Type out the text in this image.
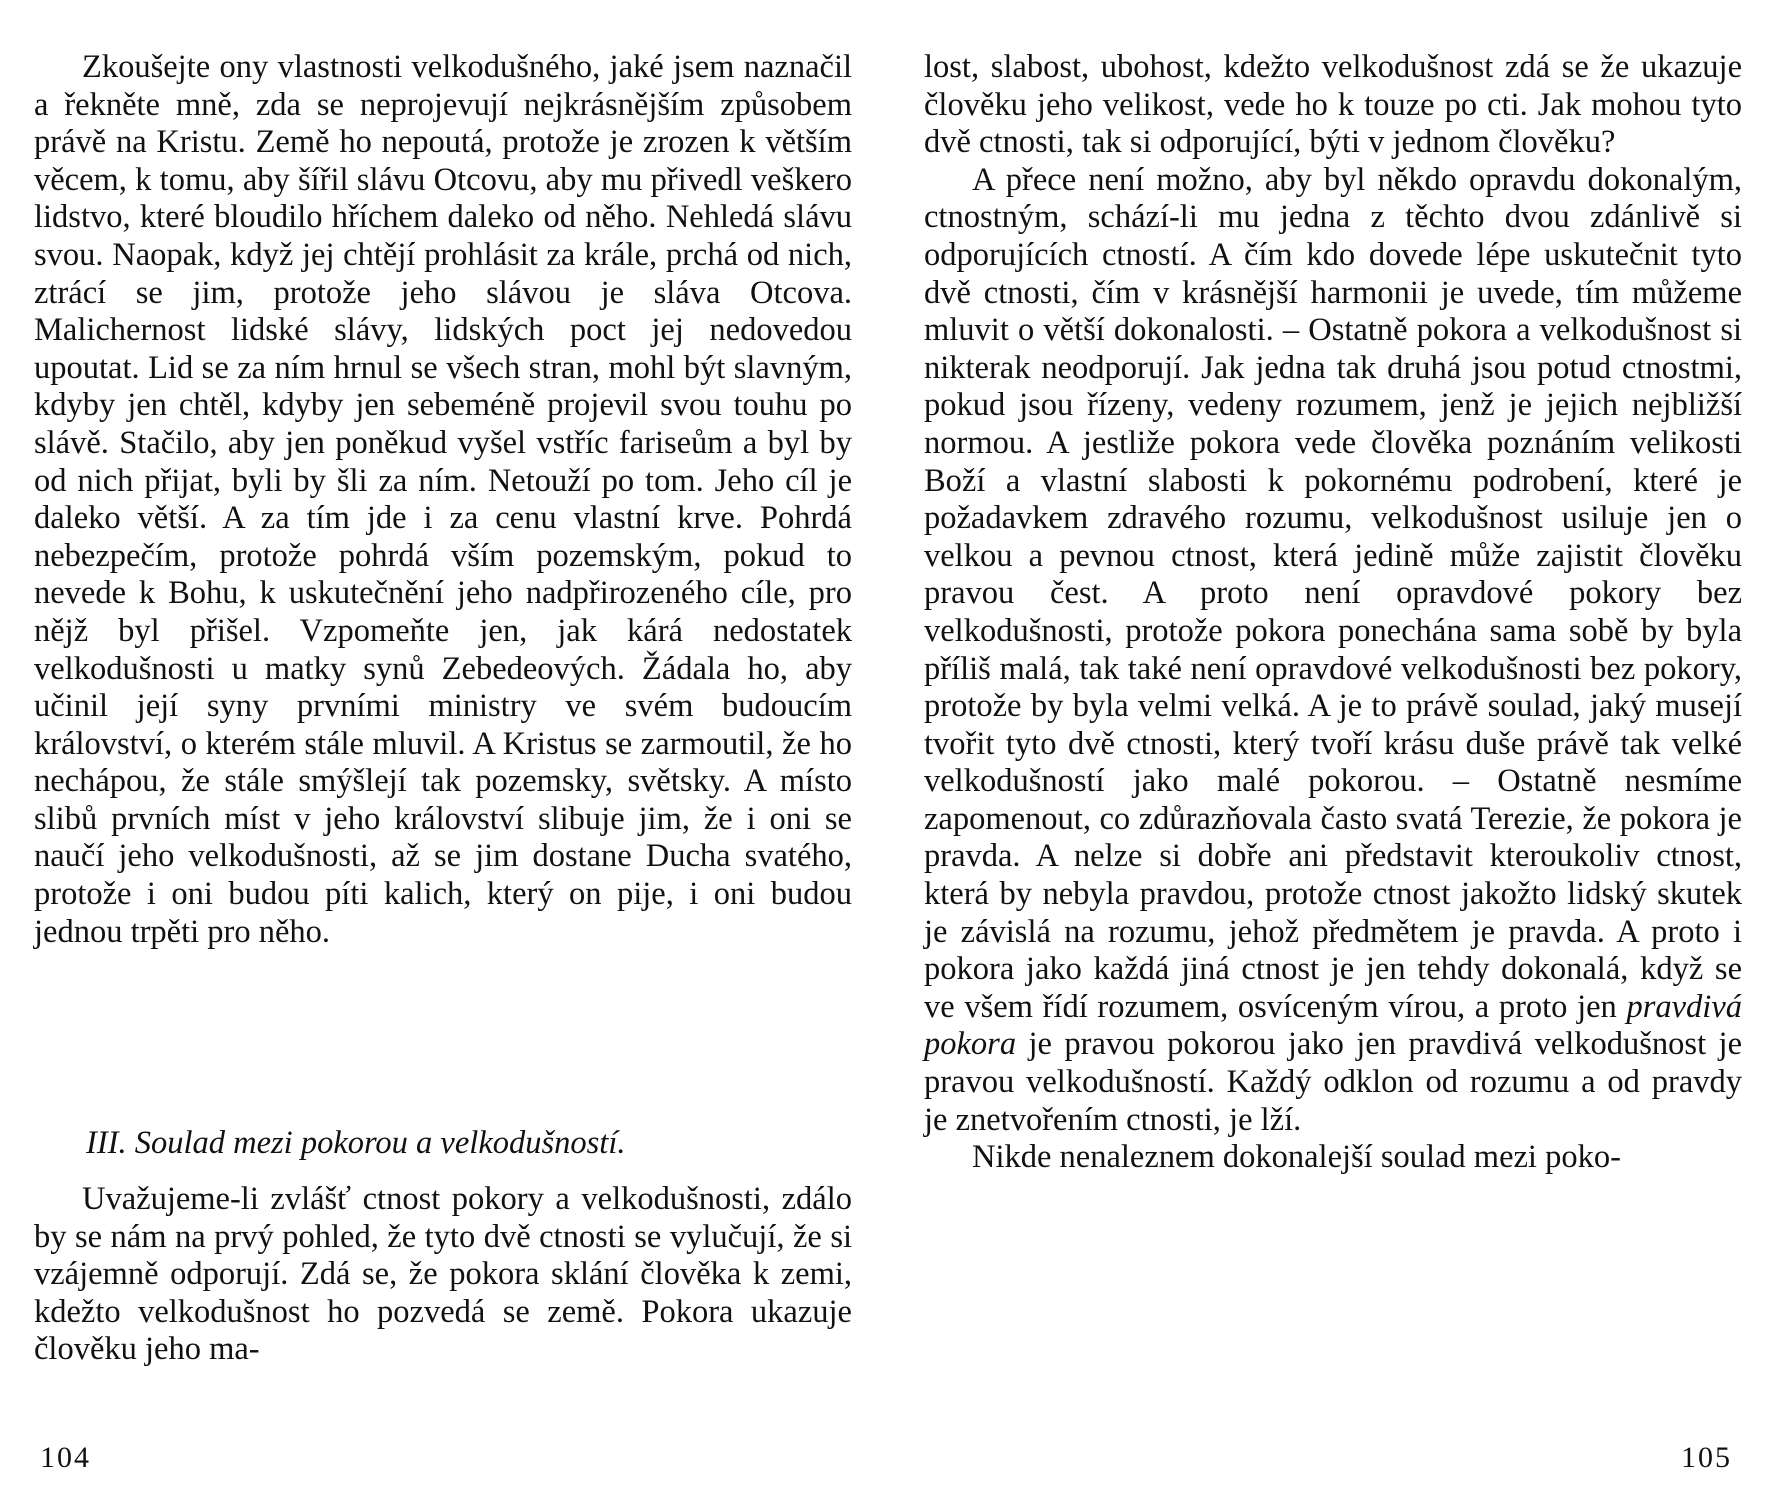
Zkoušejte ony vlastnosti velkodušného, jaké jsem naznačil a řekněte mně, zda se neprojevují nejkrásnějším způsobem právě na Kristu. Země ho nepoutá, protože je zrozen k větším věcem, k tomu, aby šířil slávu Otcovu, aby mu přivedl veškero lidstvo, které bloudilo hříchem daleko od něho. Nehledá slávu svou. Naopak, když jej chtějí prohlásit za krále, prchá od nich, ztrácí se jim, protože jeho slávou je sláva Otcova. Malichernost lidské slávy, lidských poct jej nedovedou upoutat. Lid se za ním hrnul se všech stran, mohl být slavným, kdyby jen chtěl, kdyby jen sebeméně projevil svou touhu po slávě. Stačilo, aby jen poněkud vyšel vstříc fariseům a byl by od nich přijat, byli by šli za ním. Netouží po tom. Jeho cíl je daleko větší. A za tím jde i za cenu vlastní krve. Pohrdá nebezpečím, protože pohrdá vším pozemským, pokud to nevede k Bohu, k uskutečnění jeho nadpřirozeného cíle, pro nějž byl přišel. Vzpomeňte jen, jak kárá nedostatek velkodušnosti u matky synů Zebedeových. Žádala ho, aby učinil její syny prvními ministry ve svém budoucím království, o kterém stále mluvil. A Kristus se zarmoutil, že ho nechápou, že stále smýšlejí tak pozemsky, světsky. A místo slibů prvních míst v jeho království slibuje jim, že i oni se naučí jeho velkodušnosti, až se jim dostane Ducha svatého, protože i oni budou píti kalich, který on pije, i oni budou jednou trpěti pro něho.

III. Soulad mezi pokorou a velkodušností.

Uvažujeme-li zvlášť ctnost pokory a velkodušnosti, zdálo by se nám na prvý pohled, že tyto dvě ctnosti se vylučují, že si vzájemně odporují. Zdá se, že pokora sklání člověka k zemi, kdežto velkodušnost ho pozvedá se země. Pokora ukazuje člověku jeho ma-

104

lost, slabost, ubohost, kdežto velkodušnost zdá se že ukazuje člověku jeho velikost, vede ho k touze po cti. Jak mohou tyto dvě ctnosti, tak si odporující, býti v jednom člověku?

A přece není možno, aby byl někdo opravdu dokonalým, ctnostným, schází-li mu jedna z těchto dvou zdánlivě si odporujících ctností. A čím kdo dovede lépe uskutečnit tyto dvě ctnosti, čím v krásnější harmonii je uvede, tím můžeme mluvit o větší dokonalosti. – Ostatně pokora a velkodušnost si nikterak neodporují. Jak jedna tak druhá jsou potud ctnostmi, pokud jsou řízeny, vedeny rozumem, jenž je jejich nejbližší normou. A jestliže pokora vede člověka poznáním velikosti Boží a vlastní slabosti k pokornému podrobení, které je požadavkem zdravého rozumu, velkodušnost usiluje jen o velkou a pevnou ctnost, která jedině může zajistit člověku pravou čest. A proto není opravdové pokory bez velkodušnosti, protože pokora ponechána sama sobě by byla příliš malá, tak také není opravdové velkodušnosti bez pokory, protože by byla velmi velká. A je to právě soulad, jaký musejí tvořit tyto dvě ctnosti, který tvoří krásu duše právě tak velké velkodušností jako malé pokorou. – Ostatně nesmíme zapomenout, co zdůrazňovala často svatá Terezie, že pokora je pravda. A nelze si dobře ani představit kteroukoliv ctnost, která by nebyla pravdou, protože ctnost jakožto lidský skutek je závislá na rozumu, jehož předmětem je pravda. A proto i pokora jako každá jiná ctnost je jen tehdy dokonalá, když se ve všem řídí rozumem, osvíceným vírou, a proto jen pravdivá pokora je pravou pokorou jako jen pravdivá velkodušnost je pravou velkodušností. Každý odklon od rozumu a od pravdy je znetvořením ctnosti, je lží.

Nikde nenaleznem dokonalejší soulad mezi poko-

105
